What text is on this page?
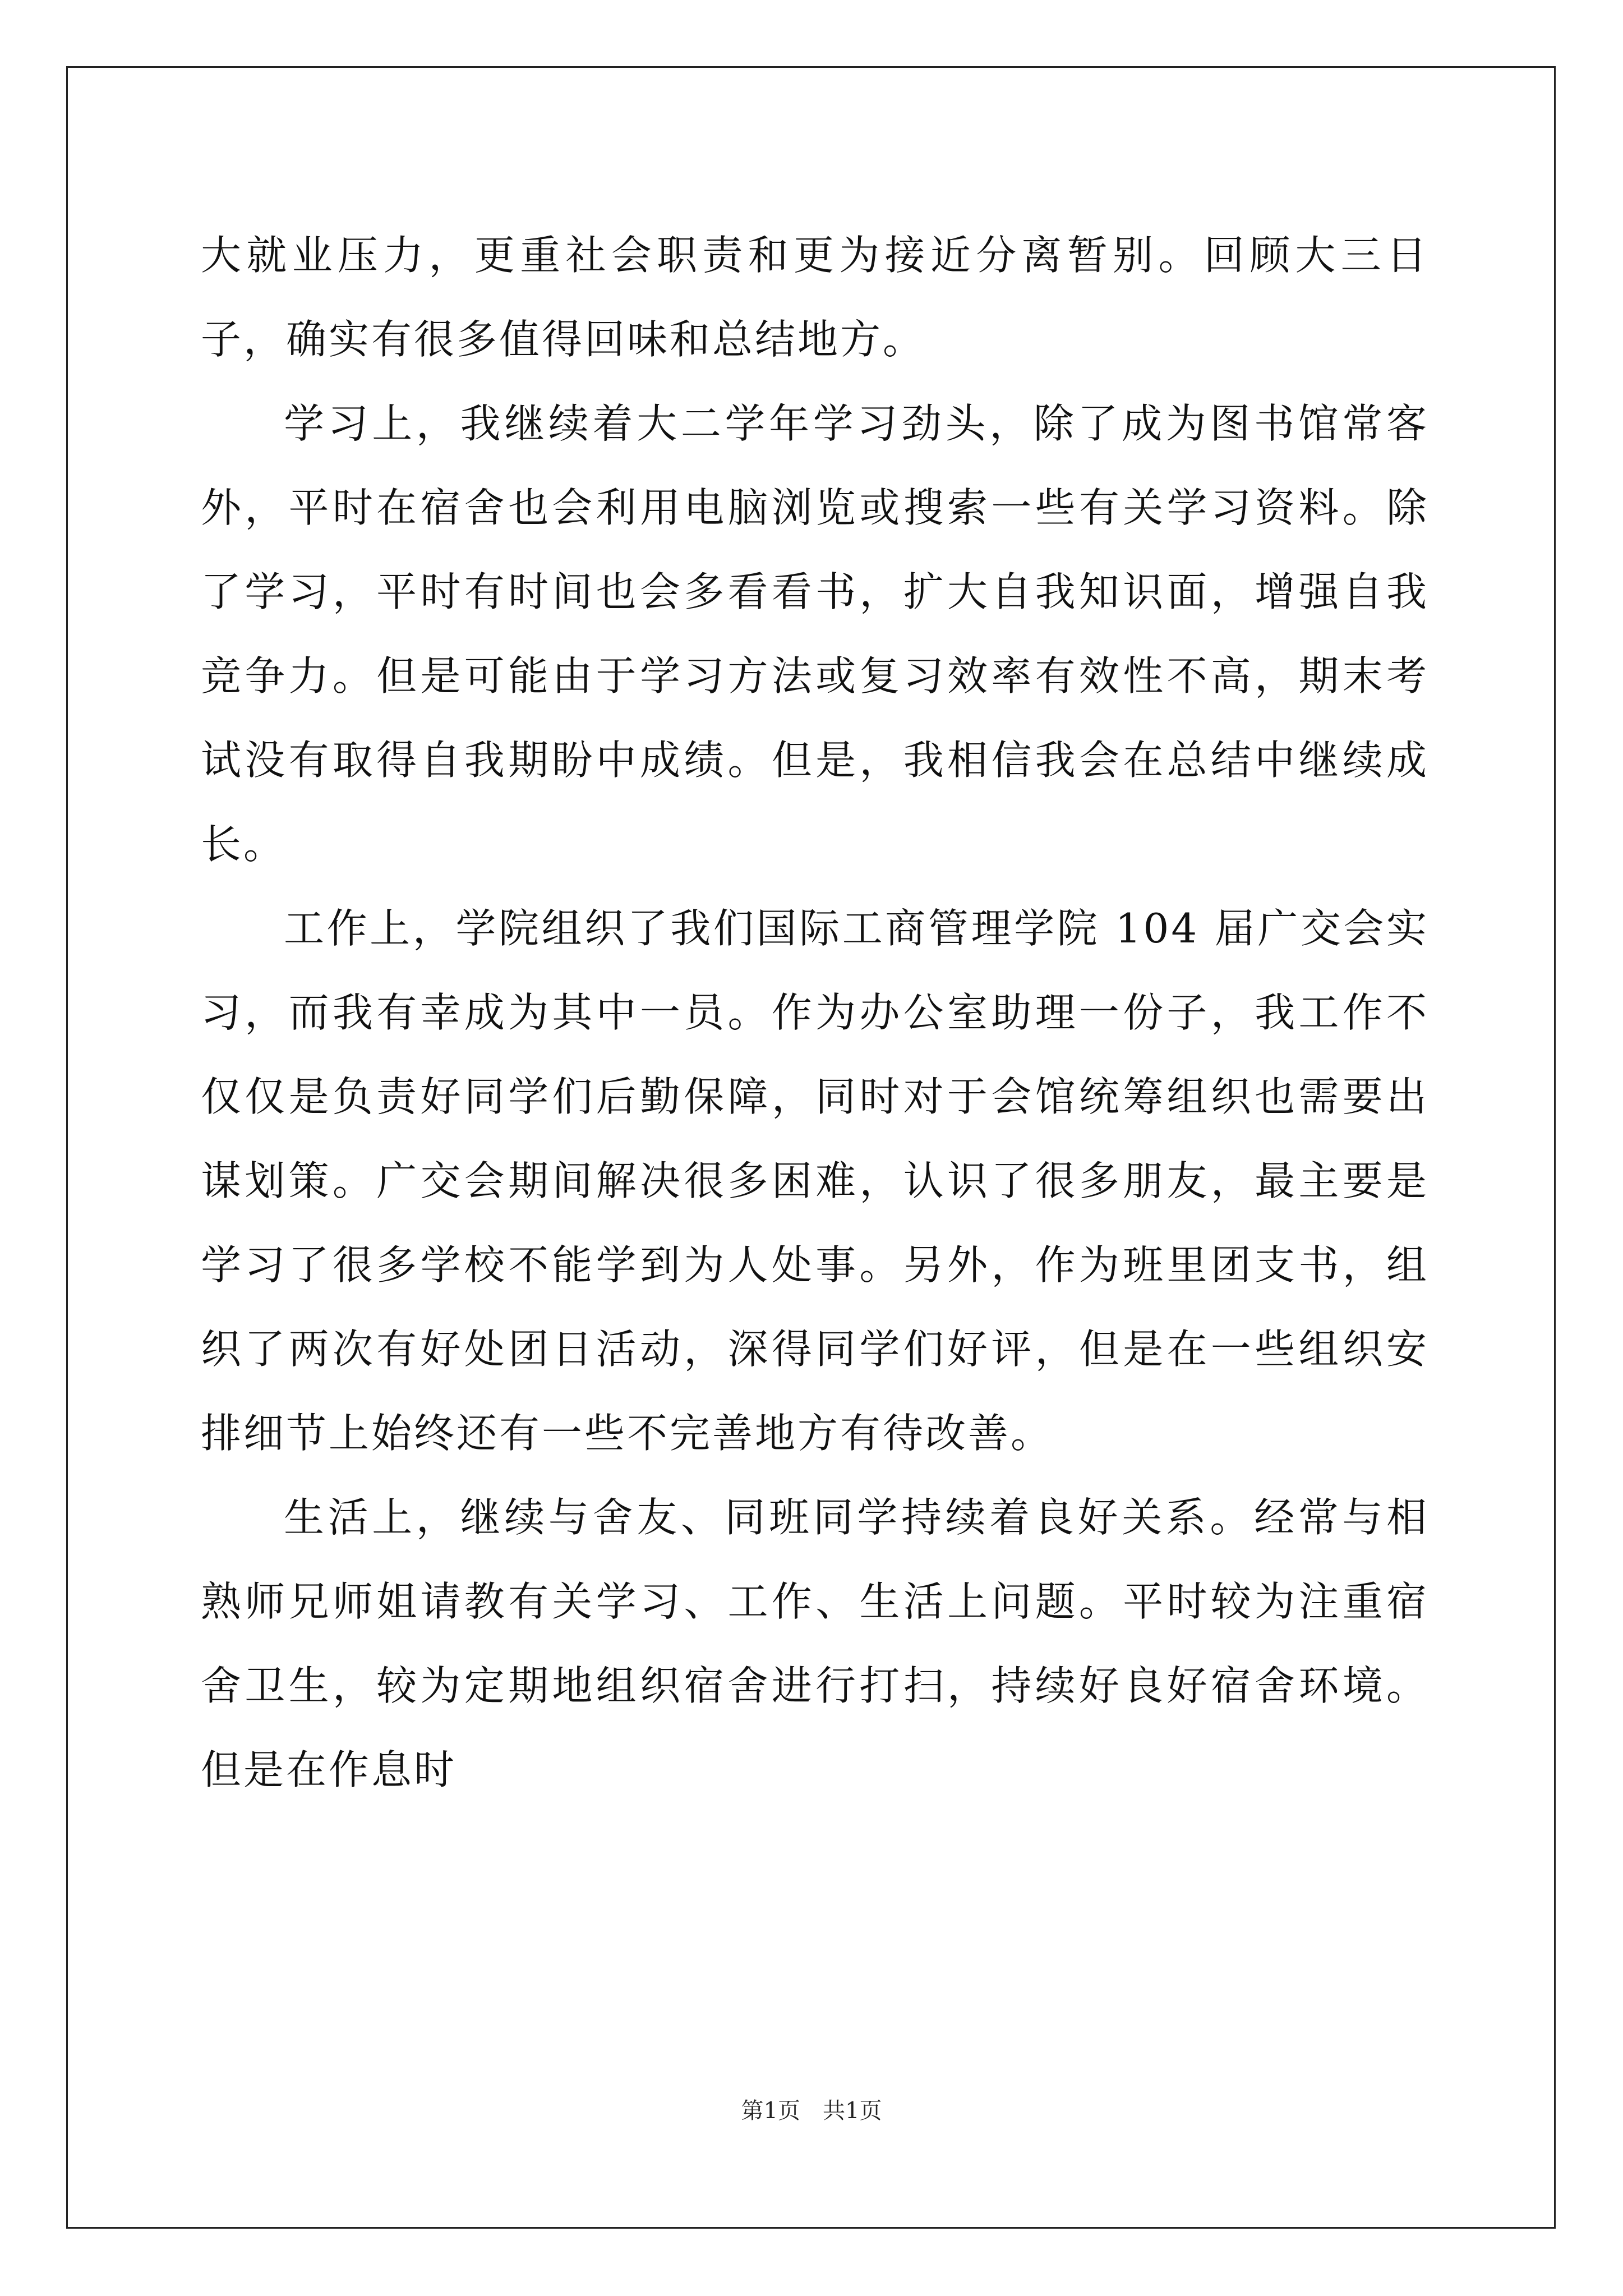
大就业压力，更重社会职责和更为接近分离暂别。回顾大三日子，确实有很多值得回味和总结地方。

学习上，我继续着大二学年学习劲头，除了成为图书馆常客外，平时在宿舍也会利用电脑浏览或搜索一些有关学习资料。除了学习，平时有时间也会多看看书，扩大自我知识面，增强自我竞争力。但是可能由于学习方法或复习效率有效性不高，期末考试没有取得自我期盼中成绩。但是，我相信我会在总结中继续成长。

工作上，学院组织了我们国际工商管理学院 104 届广交会实习，而我有幸成为其中一员。作为办公室助理一份子，我工作不仅仅是负责好同学们后勤保障，同时对于会馆统筹组织也需要出谋划策。广交会期间解决很多困难，认识了很多朋友，最主要是学习了很多学校不能学到为人处事。另外，作为班里团支书，组织了两次有好处团日活动，深得同学们好评，但是在一些组织安排细节上始终还有一些不完善地方有待改善。

生活上，继续与舍友、同班同学持续着良好关系。经常与相熟师兄师姐请教有关学习、工作、生活上问题。平时较为注重宿舍卫生，较为定期地组织宿舍进行打扫，持续好良好宿舍环境。但是在作息时

第1页　共1页
